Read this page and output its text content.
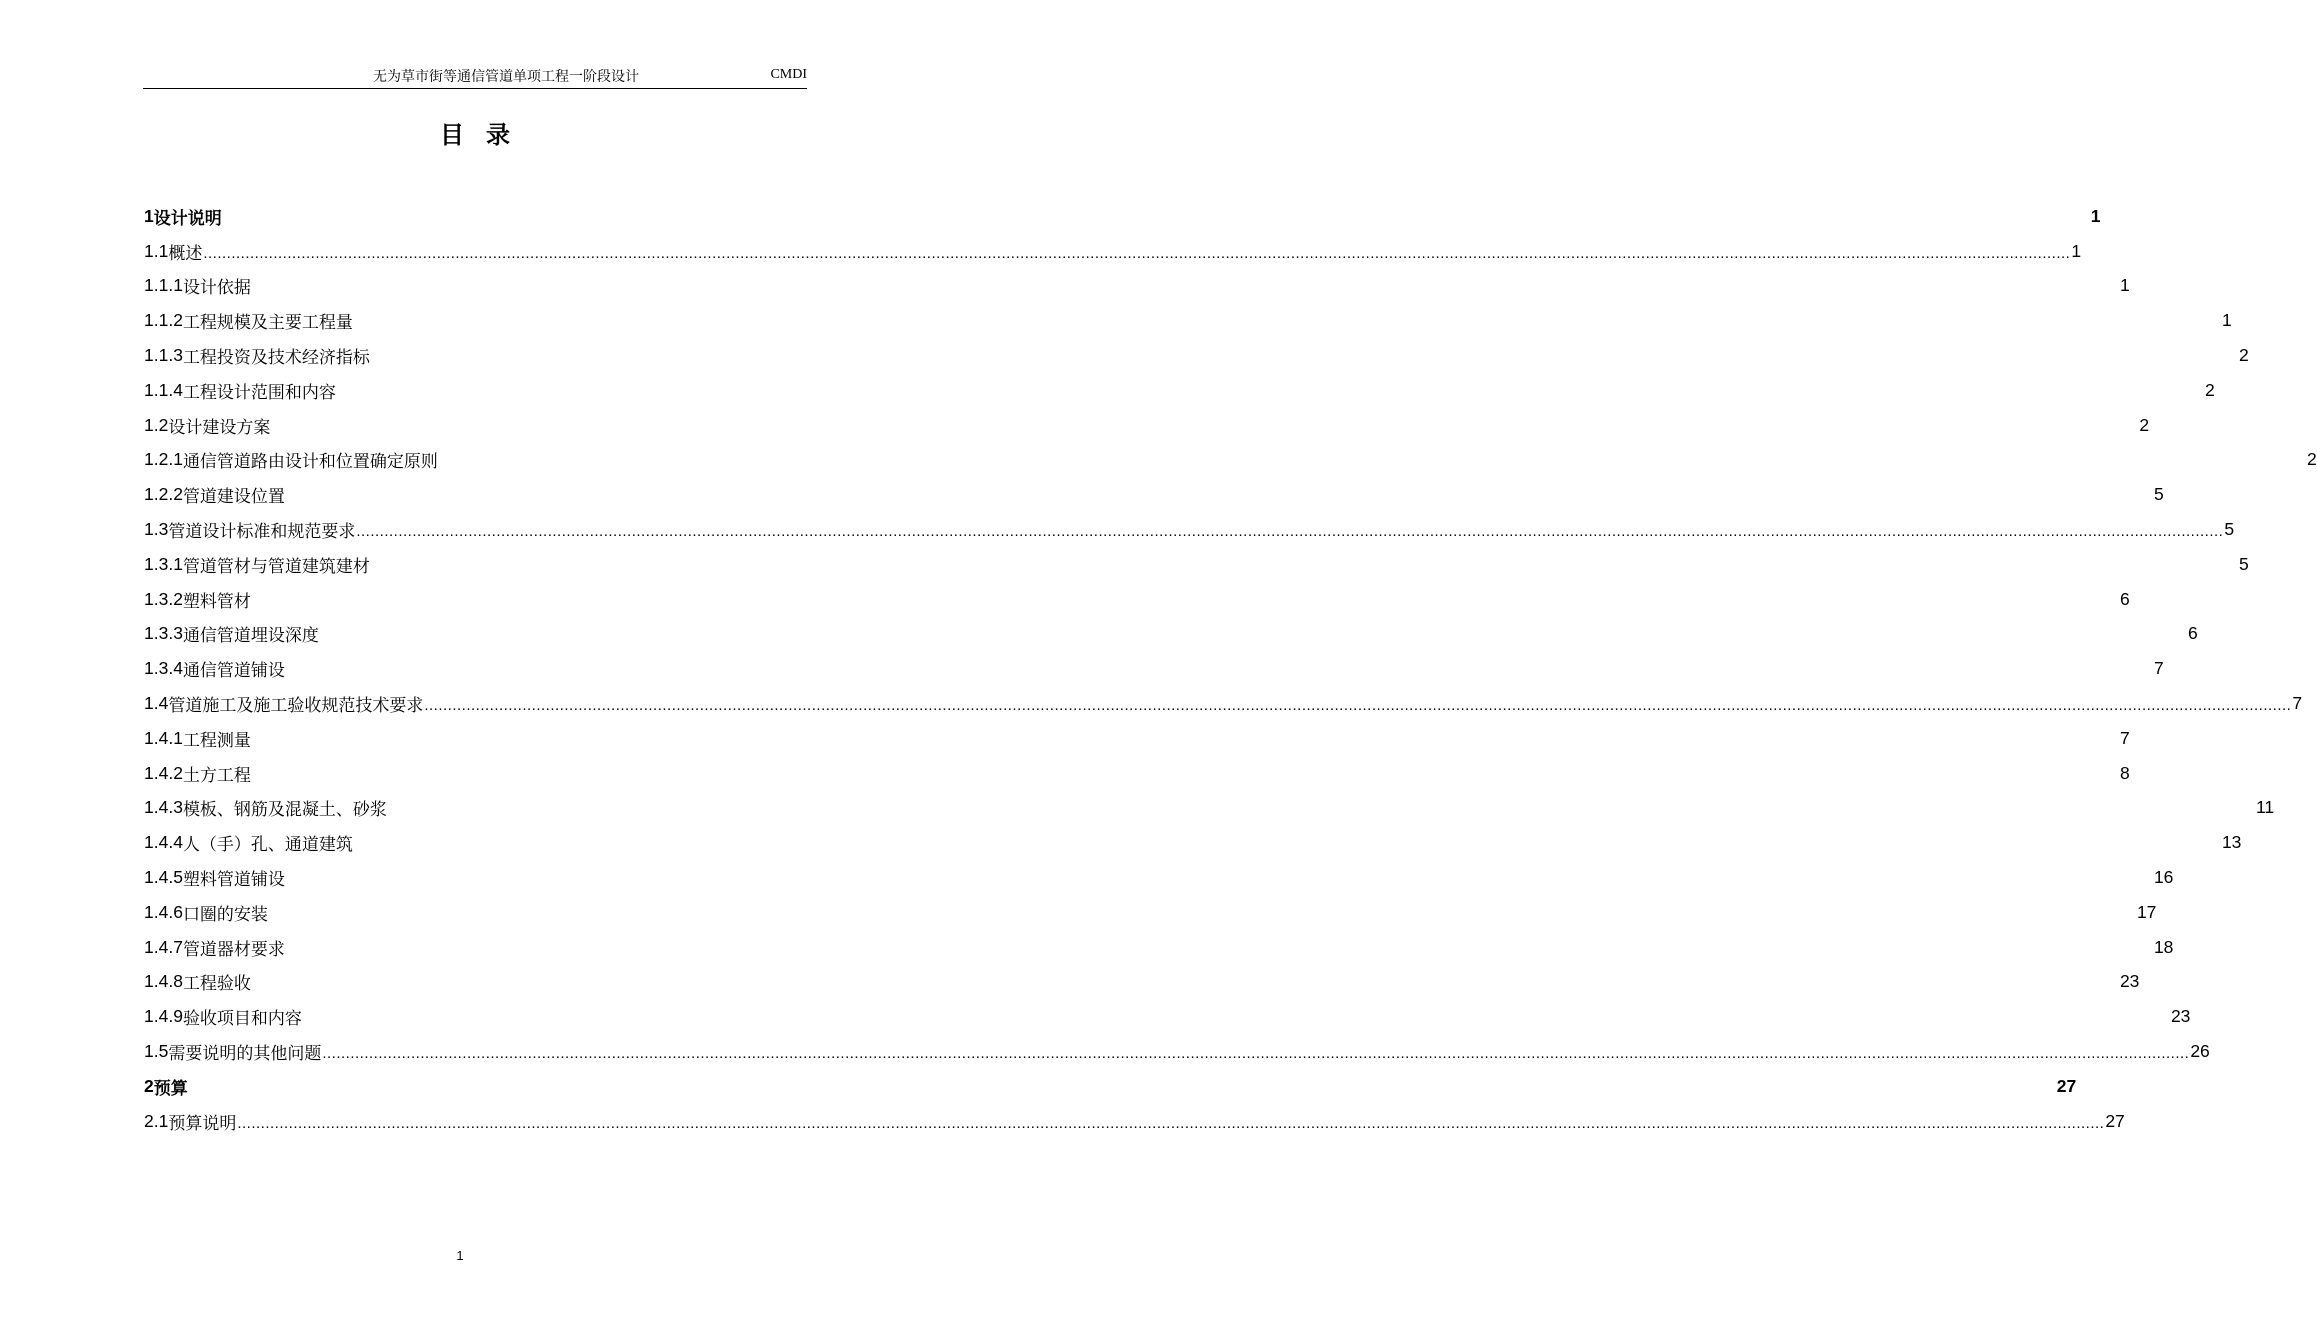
无为草市街等通信管道单项工程一阶段设计	CMDI
目录
1 设计说明	1
1.1 概述 ................................................................................................................................................................................................................................................................................................................................................................................................................ 1
1.1.1 设计依据	1
1.1.2 工程规模及主要工程量	1
1.1.3 工程投资及技术经济指标	2
1.1.4 工程设计范围和内容	2
1.2 设计建设方案	2
1.2.1 通信管道路由设计和位置确定原则	2
1.2.2 管道建设位置	5
1.3 管道设计标准和规范要求 ................................................................................................................................................................................................................................................................................................................................................................................................................ 5
1.3.1 管道管材与管道建筑建材	5
1.3.2 塑料管材	6
1.3.3 通信管道埋设深度	6
1.3.4 通信管道铺设	7
1.4 管道施工及施工验收规范技术要求 ................................................................................................................................................................................................................................................................................................................................................................................................................ 7
1.4.1 工程测量	7
1.4.2 土方工程	8
1.4.3 模板、钢筋及混凝土、砂浆	11
1.4.4 人（手）孔、通道建筑	13
1.4.5 塑料管道铺设	16
1.4.6 口圈的安装	17
1.4.7 管道器材要求	18
1.4.8 工程验收	23
1.4.9 验收项目和内容	23
1.5 需要说明的其他问题 ................................................................................................................................................................................................................................................................................................................................................................................................................ 26
2 预算	27
2.1 预算说明 ................................................................................................................................................................................................................................................................................................................................................................................................................ 27
1
